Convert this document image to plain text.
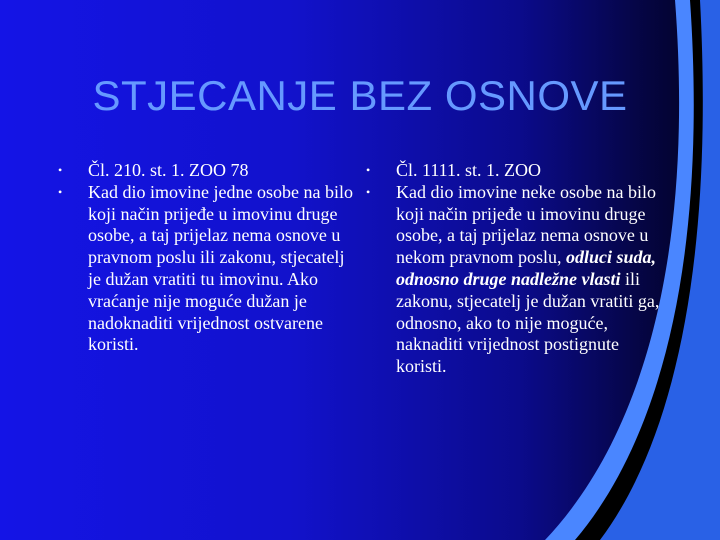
STJECANJE BEZ OSNOVE
• Čl. 210. st. 1. ZOO 78
• Kad dio imovine jedne osobe na bilo koji način prijeđe u imovinu druge osobe, a taj prijelaz nema osnove u pravnom poslu ili zakonu, stjecatelj je dužan vratiti tu imovinu. Ako vraćanje nije moguće dužan je nadoknaditi vrijednost ostvarene koristi.
• Čl. 1111. st. 1. ZOO
• Kad dio imovine neke osobe na bilo koji način prijeđe u imovinu druge osobe, a taj prijelaz nema osnove u nekom pravnom poslu, odluci suda, odnosno druge nadležne vlasti ili zakonu, stjecatelj je dužan vratiti ga, odnosno, ako to nije moguće, naknaditi vrijednost postignute koristi.
